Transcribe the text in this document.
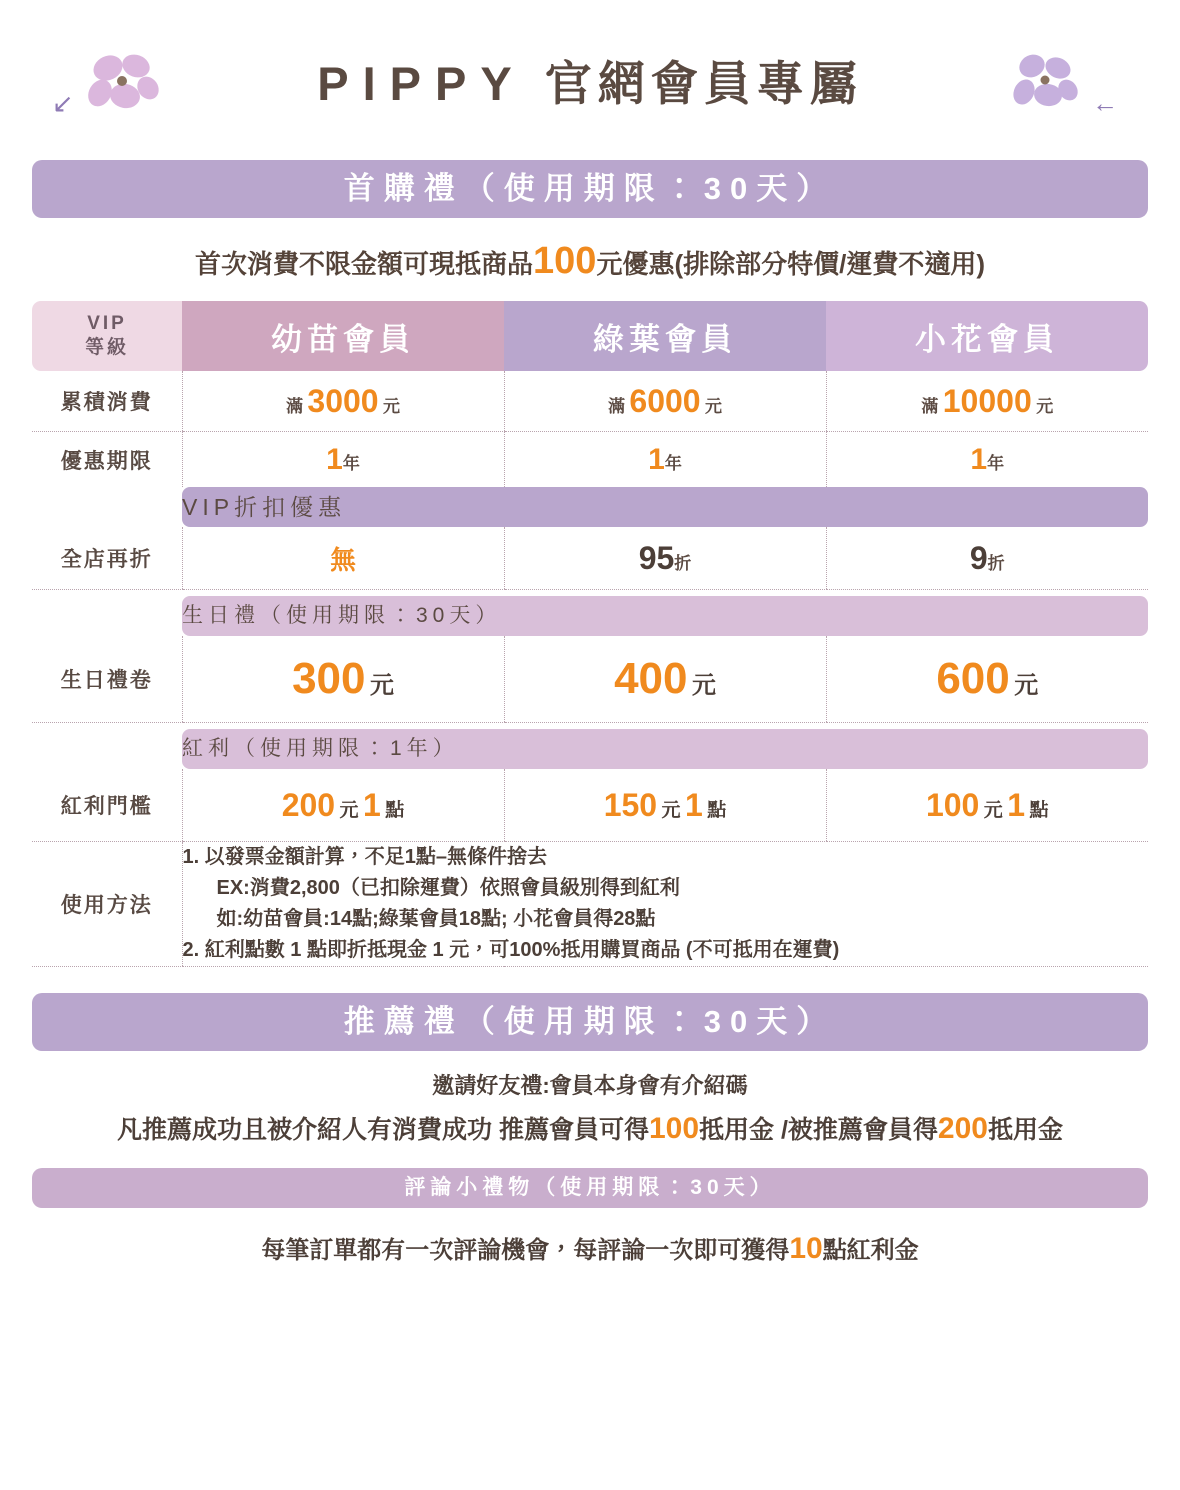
↙	PIPPY 官網會員專屬	←
首購禮（使用期限：30天）
首次消費不限金額可現抵商品100元優惠(排除部分特價/運費不適用)
VIP
等級	幼苗會員	綠葉會員	小花會員
累積消費	滿 3000 元	滿 6000 元	滿 10000 元
優惠期限	1年	1年	1年

	VIP折扣優惠		

全店再折	無	95折	9折

	生日禮（使用期限：30天）		

生日禮卷	300 元	400 元	600 元

	紅利（使用期限：1年）		

紅利門檻	200 元 1 點	150 元 1 點	100 元 1 點
使用方法	1. 以發票金額計算，不足1點–無條件捨去
EX:消費2,800（已扣除運費）依照會員級別得到紅利
如:幼苗會員:14點;綠葉會員18點; 小花會員得28點
2. 紅利點數 1 點即折抵現金 1 元，可100%抵用購買商品 (不可抵用在運費)		
推薦禮（使用期限：30天）
邀請好友禮:會員本身會有介紹碼
凡推薦成功且被介紹人有消費成功 推薦會員可得100抵用金 /被推薦會員得200抵用金
評論小禮物（使用期限：30天）
每筆訂單都有一次評論機會，每評論一次即可獲得10點紅利金
